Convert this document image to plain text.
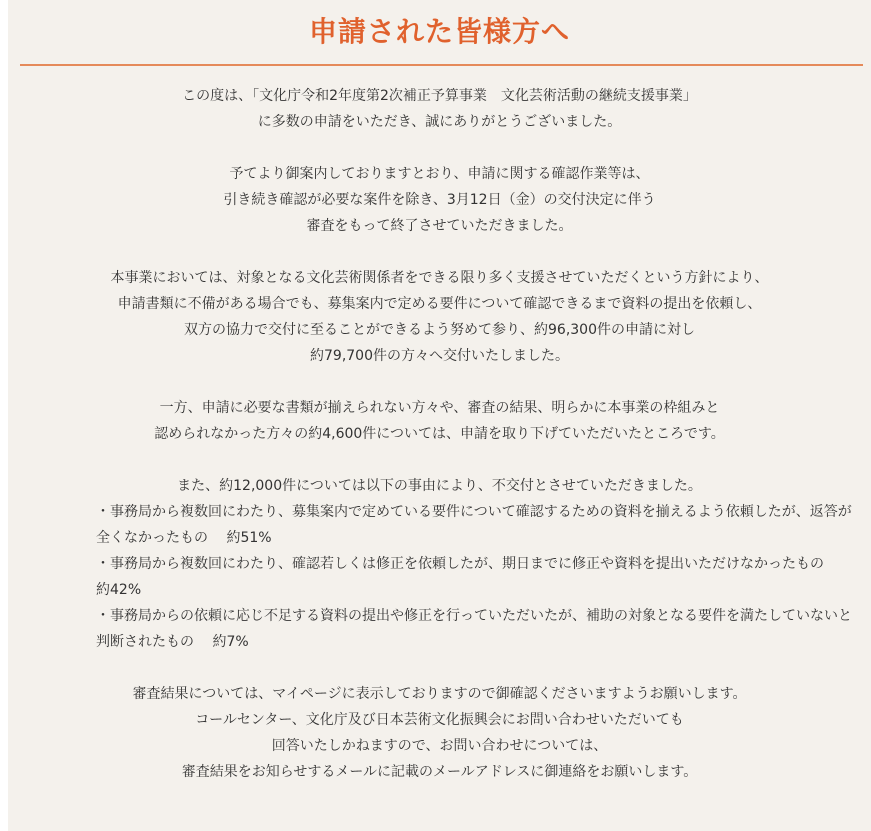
申請された皆様方へ

この度は、「文化庁令和2年度第2次補正予算事業　文化芸術活動の継続支援事業」
に多数の申請をいただき、誠にありがとうございました。

予てより御案内しておりますとおり、申請に関する確認作業等は、
引き続き確認が必要な案件を除き、3月12日（金）の交付決定に伴う
審査をもって終了させていただきました。

本事業においては、対象となる文化芸術関係者をできる限り多く支援させていただくという方針により、
申請書類に不備がある場合でも、募集案内で定める要件について確認できるまで資料の提出を依頼し、
双方の協力で交付に至ることができるよう努めて参り、約96,300件の申請に対し
約79,700件の方々へ交付いたしました。

一方、申請に必要な書類が揃えられない方々や、審査の結果、明らかに本事業の枠組みと
認められなかった方々の約4,600件については、申請を取り下げていただいたところです。

また、約12,000件については以下の事由により、不交付とさせていただきました。

・事務局から複数回にわたり、募集案内で定めている要件について確認するための資料を揃えるよう依頼したが、返答が全くなかったもの　 約51%
・事務局から複数回にわたり、確認若しくは修正を依頼したが、期日までに修正や資料を提出いただけなかったもの　 約42%
・事務局からの依頼に応じ不足する資料の提出や修正を行っていただいたが、補助の対象となる要件を満たしていないと判断されたもの　 約7%

審査結果については、マイページに表示しておりますので御確認くださいますようお願いします。
コールセンター、文化庁及び日本芸術文化振興会にお問い合わせいただいても
回答いたしかねますので、お問い合わせについては、
審査結果をお知らせするメールに記載のメールアドレスに御連絡をお願いします。
